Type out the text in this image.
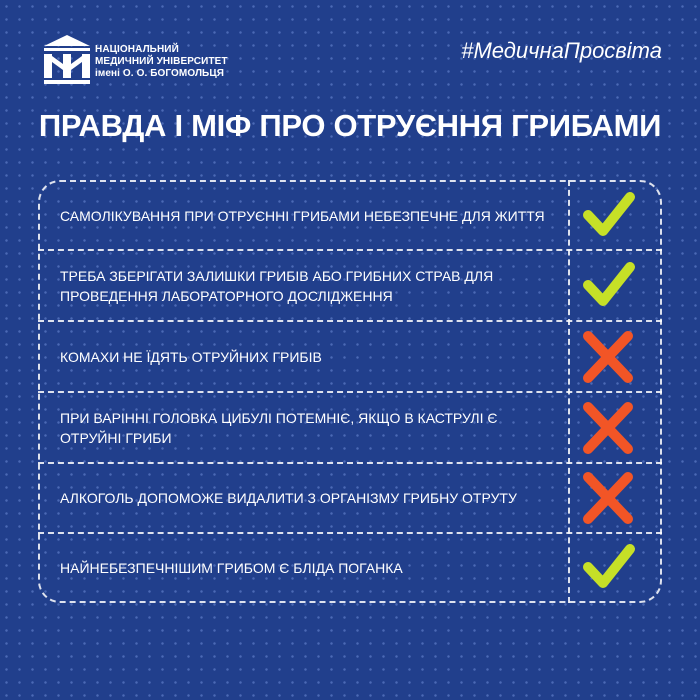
НАЦІОНАЛЬНИЙ
МЕДИЧНИЙ УНІВЕРСИТЕТ
імені О. О. БОГОМОЛЬЦЯ
#МедичнаПросвіта
ПРАВДА І МІФ ПРО ОТРУЄННЯ ГРИБАМИ
САМОЛІКУВАННЯ ПРИ ОТРУЄННІ ГРИБАМИ НЕБЕЗПЕЧНЕ ДЛЯ ЖИТТЯ
ТРЕБА ЗБЕРІГАТИ ЗАЛИШКИ ГРИБІВ АБО ГРИБНИХ СТРАВ ДЛЯ ПРОВЕДЕННЯ ЛАБОРАТОРНОГО ДОСЛІДЖЕННЯ
КОМАХИ НЕ ЇДЯТЬ ОТРУЙНИХ ГРИБІВ
ПРИ ВАРІННІ ГОЛОВКА ЦИБУЛІ ПОТЕМНІЄ, ЯКЩО В КАСТРУЛІ Є ОТРУЙНІ ГРИБИ
АЛКОГОЛЬ ДОПОМОЖЕ ВИДАЛИТИ З ОРГАНІЗМУ ГРИБНУ ОТРУТУ
НАЙНЕБЕЗПЕЧНІШИМ ГРИБОМ Є БЛІДА ПОГАНКА
